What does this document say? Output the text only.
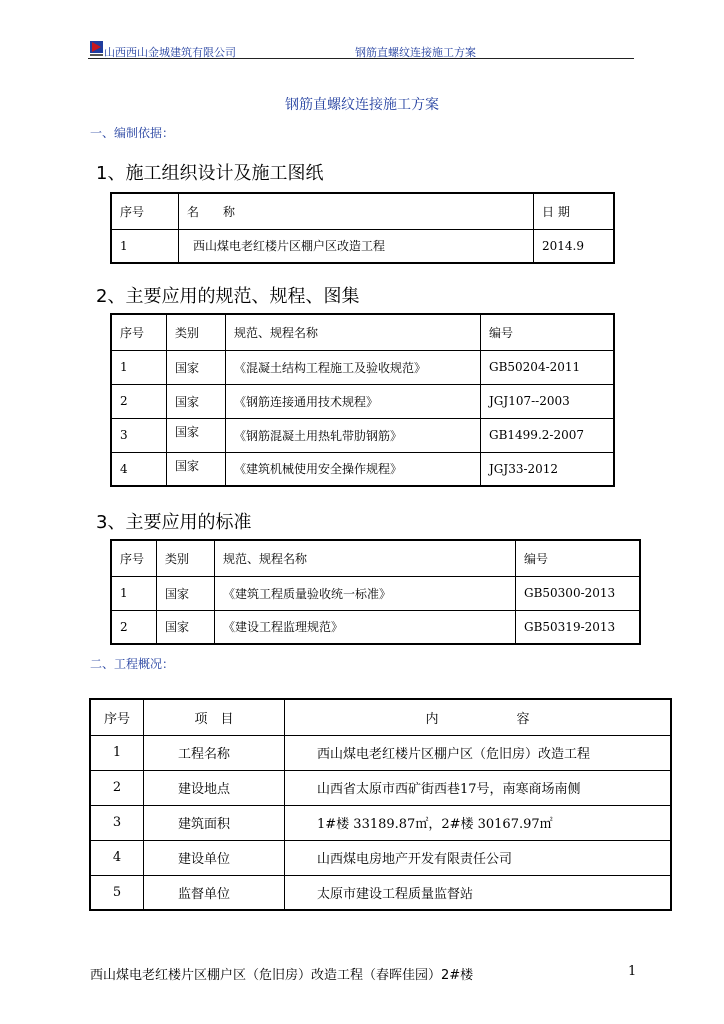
山西西山金城建筑有限公司	钢筋直螺纹连接施工方案
钢筋直螺纹连接施工方案
一、编制依据：
1、施工组织设计及施工图纸
序号	名　　称	日 期
1	西山煤电老红楼片区棚户区改造工程	2014.9
2、主要应用的规范、规程、图集
序号	类别	规范、规程名称	编号
1	国家	《混凝土结构工程施工及验收规范》	GB50204-2011
2	国家	《钢筋连接通用技术规程》	JGJ107--2003
3	国家	《钢筋混凝土用热轧带肋钢筋》	GB1499.2-2007
4	国家	《建筑机械使用安全操作规程》	JGJ33-2012
3、主要应用的标准
序号	类别	规范、规程名称	编号
1	国家	《建筑工程质量验收统一标准》	GB50300-2013
2	国家	《建设工程监理规范》	GB50319-2013
二、工程概况：
序号	项　目	内　　　　　　容
1	工程名称	西山煤电老红楼片区棚户区（危旧房）改造工程
2	建设地点	山西省太原市西矿街西巷17号，南寒商场南侧
3	建筑面积	1#楼 33189.87㎡，2#楼 30167.97㎡
4	建设单位	山西煤电房地产开发有限责任公司
5	监督单位	太原市建设工程质量监督站
西山煤电老红楼片区棚户区（危旧房）改造工程（春晖佳园）2#楼	1
